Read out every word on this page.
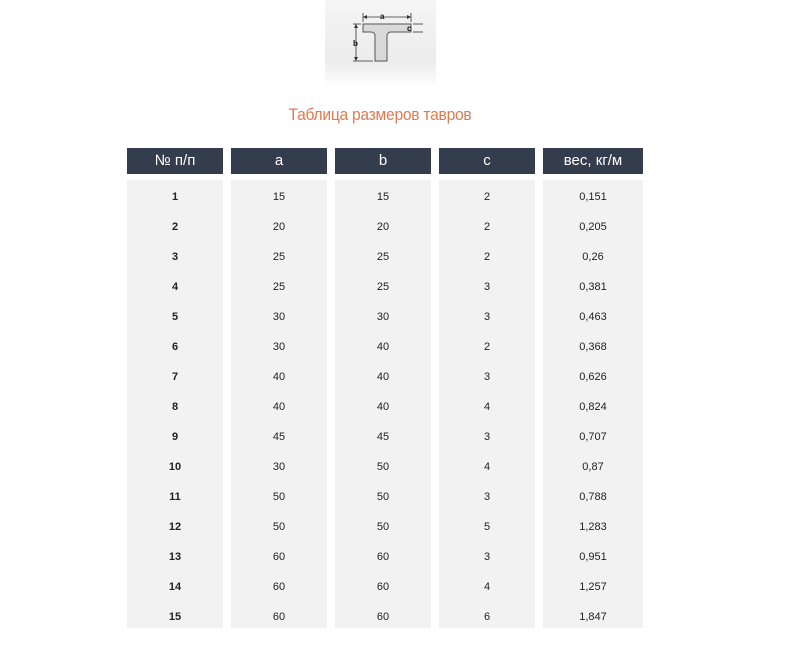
a
c
b
Таблица размеров тавров
№ п/п
1
2
3
4
5
6
7
8
9
10
11
12
13
14
15
a
15
20
25
25
30
30
40
40
45
30
50
50
60
60
60
b
15
20
25
25
30
40
40
40
45
50
50
50
60
60
60
c
2
2
2
3
3
2
3
4
3
4
3
5
3
4
6
вес, кг/м
0,151
0,205
0,26
0,381
0,463
0,368
0,626
0,824
0,707
0,87
0,788
1,283
0,951
1,257
1,847
